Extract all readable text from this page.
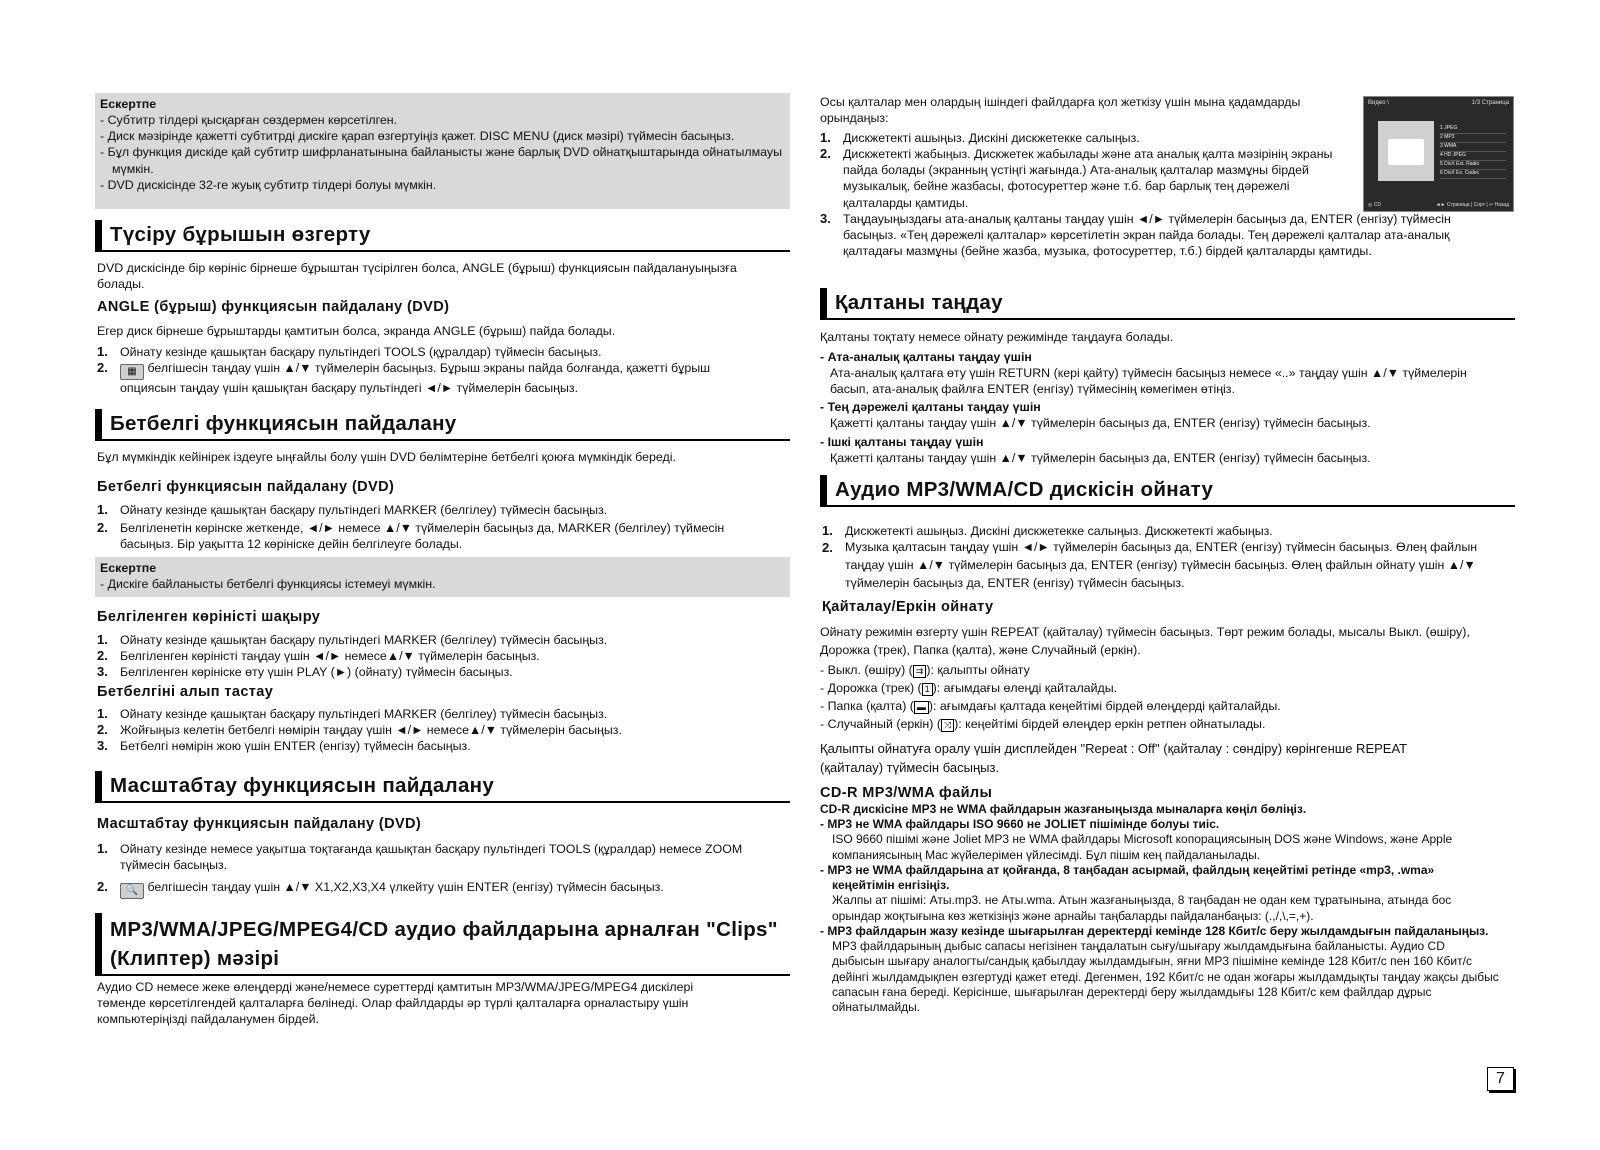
Ескертпе
- Субтитр тілдері қысқарған сөздермен көрсетілген.
- Диск мәзірінде қажетті субтитрді дискіге қарап өзгертуіңіз қажет. DISC MENU (диск мәзірі) түймесін басыңыз.
- Бұл функция дискіде қай субтитр шифрланатынына байланысты және барлық DVD ойнатқыштарында ойнатылмауы мүмкін.
- DVD дискісінде 32-ге жуық субтитр тілдері болуы мүмкін.
Түсіру бұрышын өзгерту
DVD дискісінде бір көрініс бірнеше бұрыштан түсірілген болса, ANGLE (бұрыш) функциясын пайдалануыңызға болады.
ANGLE (бұрыш) функциясын пайдалану (DVD)
Егер диск бірнеше бұрыштарды қамтитын болса, экранда ANGLE (бұрыш) пайда болады.
1. Ойнату кезінде қашықтан басқару пультіндегі TOOLS (құралдар) түймесін басыңыз.
2. ▦ белгішесін таңдау үшін ▲/▼ түймелерін басыңыз. Бұрыш экраны пайда болғанда, қажетті бұрыш опциясын таңдау үшін қашықтан басқару пультіндегі ◄/► түймелерін басыңыз.
Бетбелгі функциясын пайдалану
Бұл мүмкіндік кейінірек іздеуге ыңғайлы болу үшін DVD бөлімтеріне бетбелгі қоюға мүмкіндік береді.
Бетбелгі функциясын пайдалану (DVD)
1. Ойнату кезінде қашықтан басқару пультіндегі MARKER (белгілеу) түймесін басыңыз.
2. Белгіленетін көрінске жеткенде, ◄/► немесе ▲/▼ түймелерін басыңыз да, MARKER (белгілеу) түймесін басыңыз. Бір уақытта 12 көрініске дейін белгілеуге болады.
Ескертпе
- Дискіге байланысты бетбелгі функциясы істемеуі мүмкін.
Белгіленген көріністі шақыру
1. Ойнату кезінде қашықтан басқару пультіндегі MARKER (белгілеу) түймесін басыңыз.
2. Белгіленген көріністі таңдау үшін ◄/► немесе▲/▼ түймелерін басыңыз.
3. Белгіленген көрініске өту үшін PLAY (►) (ойнату) түймесін басыңыз.
Бетбелгіні алып тастау
1. Ойнату кезінде қашықтан басқару пультіндегі MARKER (белгілеу) түймесін басыңыз.
2. Жойғыңыз келетін бетбелгі нөмірін таңдау үшін ◄/► немесе▲/▼ түймелерін басыңыз.
3. Бетбелгі нөмірін жою үшін ENTER (енгізу) түймесін басыңыз.
Масштабтау функциясын пайдалану
Масштабтау функциясын пайдалану (DVD)
1. Ойнату кезінде немесе уақытша тоқтағанда қашықтан басқару пультіндегі TOOLS (құралдар) немесе ZOOM түймесін басыңыз.
2. 🔍 белгішесін таңдау үшін ▲/▼ X1,X2,X3,X4 үлкейту үшін ENTER (енгізу) түймесін басыңыз.
MP3/WMA/JPEG/MPEG4/CD аудио файлдарына арналған "Clips" (Клиптер) мәзірі
Аудио CD немесе жеке өлеңдерді және/немесе суреттерді қамтитын MP3/WMA/JPEG/MPEG4 дискілері төменде көрсетілгендей қалталарға бөлінеді. Олар файлдарды әр түрлі қалталарға орналастыру үшін компьютеріңізді пайдаланумен бірдей.
Осы қалталар мен олардың ішіндегі файлдарға қол жеткізу үшін мына қадамдарды орындаңыз:
1. Дискжетекті ашыңыз. Дискіні дискжетекке салыңыз.
2. Дискжетекті жабыңыз. Дискжетек жабылады және ата аналық қалта мәзірінің экраны пайда болады (экранның үстіңгі жағында.) Ата-аналық қалталар мазмұны бірдей музыкалық, бейне жазбасы, фотосуреттер және т.б. бар барлық тең дәрежелі қалталарды қамтиды.
3. Таңдауыңыздағы ата-аналық қалтаны таңдау үшін ◄/► түймелерін басыңыз да, ENTER (енгізу) түймесін басыңыз. «Тең дәрежелі қалталар» көрсетілетін экран пайда болады. Тең дәрежелі қалталар ата-аналық қалтадағы мазмұны (бейне жазба, музыка, фотосуреттер, т.б.) бірдей қалталарды қамтиды.
Видео \	1/3 Страница
1 JPEG
2 MP3
3 WMA
4 HD JPEG
5 DivX Ext. Radio
6 DivX Ex. Codec
◎ CD	◄► Страница | Сорт | ↩ Назад
Қалтаны таңдау
Қалтаны тоқтату немесе ойнату режимінде таңдауға болады.
- Ата-аналық қалтаны таңдау үшін
Ата-аналық қалтаға өту үшін RETURN (кері қайту) түймесін басыңыз немесе «..» таңдау үшін ▲/▼ түймелерін басып, ата-аналық файлға ENTER (енгізу) түймесінің көмегімен өтіңіз.
- Тең дәрежелі қалтаны таңдау үшін
Қажетті қалтаны таңдау үшін ▲/▼ түймелерін басыңыз да, ENTER (енгізу) түймесін басыңыз.
- Ішкі қалтаны таңдау үшін
Қажетті қалтаны таңдау үшін ▲/▼ түймелерін басыңыз да, ENTER (енгізу) түймесін басыңыз.
Аудио MP3/WMA/CD дискісін ойнату
1. Дискжетекті ашыңыз. Дискіні дискжетекке салыңыз. Дискжетекті жабыңыз.
2. Музыка қалтасын таңдау үшін ◄/► түймелерін басыңыз да, ENTER (енгізу) түймесін басыңыз. Өлең файлын таңдау үшін ▲/▼ түймелерін басыңыз да, ENTER (енгізу) түймесін басыңыз. Өлең файлын ойнату үшін ▲/▼ түймелерін басыңыз да, ENTER (енгізу) түймесін басыңыз.
Қайталау/Еркін ойнату
Ойнату режимін өзгерту үшін REPEAT (қайталау) түймесін басыңыз. Төрт режим болады, мысалы Выкл. (өшіру), Дорожка (трек), Папка (қалта), және Случайный (еркін).
- Выкл. (өшіру) ( ⇉ ): қалыпты ойнату
- Дорожка (трек) ( 1 ): ағымдағы өлеңді қайталайды.
- Папка (қалта) ( ▬ ): ағымдағы қалтада кеңейтімі бірдей өлеңдерді қайталайды.
- Случайный (еркін) ( ⤨ ): кеңейтімі бірдей өлеңдер еркін ретпен ойнатылады.
Қалыпты ойнатуға оралу үшін дисплейден "Repeat : Off" (қайталау : сөндіру) көрінгенше REPEAT (қайталау) түймесін басыңыз.
CD-R MP3/WMA файлы
CD-R дискісіне MP3 не WMA файлдарын жазғаныңызда мыналарға көңіл бөліңіз.
- MP3 не WMA файлдары ISO 9660 не JOLIET пішімінде болуы тиіс.
ISO 9660 пішімі және Joliet MP3 не WMA файлдары Microsoft копорациясының DOS және Windows, және Apple компаниясының Mac жүйелерімен үйлесімді. Бұл пішім кең пайдаланылады.
- MP3 не WMA файлдарына ат қойғанда, 8 таңбадан асырмай, файлдың кеңейтімі ретінде «mp3, .wma» кеңейтімін енгізіңіз.
Жалпы ат пішімі: Аты.mp3. не Аты.wma. Атын жазғаныңызда, 8 таңбадан не одан кем тұратынына, атында бос орындар жоқтығына көз жеткізіңіз және арнайы таңбаларды пайдаланбаңыз: (.,/,\,=,+).
- MP3 файлдарын жазу кезінде шығарылған деректерді кемінде 128 Кбит/с беру жылдамдығын пайдаланыңыз.
MP3 файлдарының дыбыс сапасы негізінен таңдалатын сығу/шығару жылдамдығына байланысты. Аудио CD дыбысын шығару аналогты/сандық қабылдау жылдамдығын, яғни MP3 пішіміне кемінде 128 Кбит/с пен 160 Кбит/с дейінгі жылдамдықпен өзгертуді қажет етеді. Дегенмен, 192 Кбит/с не одан жоғары жылдамдықты таңдау жақсы дыбыс сапасын ғана береді. Керісінше, шығарылған деректерді беру жылдамдығы 128 Кбит/с кем файлдар дұрыс ойнатылмайды.
7
